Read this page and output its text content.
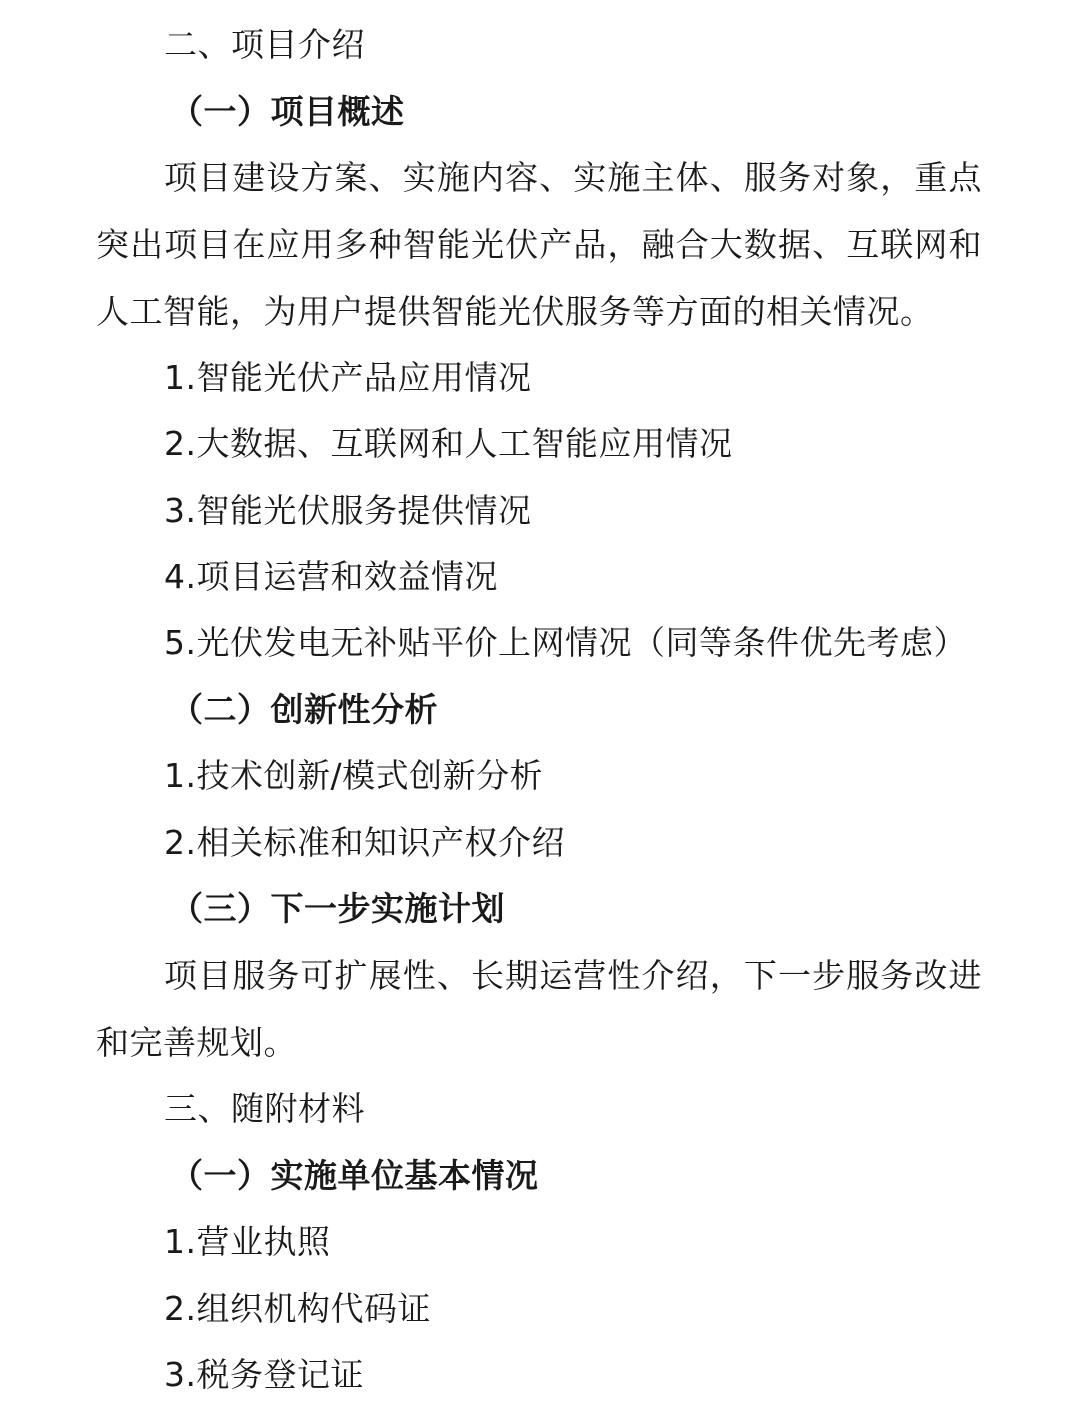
二、项目介绍
（一）项目概述
项目建设方案、实施内容、实施主体、服务对象，重点
突出项目在应用多种智能光伏产品，融合大数据、互联网和
人工智能，为用户提供智能光伏服务等方面的相关情况。
1.智能光伏产品应用情况
2.大数据、互联网和人工智能应用情况
3.智能光伏服务提供情况
4.项目运营和效益情况
5.光伏发电无补贴平价上网情况（同等条件优先考虑）
（二）创新性分析
1.技术创新/模式创新分析
2.相关标准和知识产权介绍
（三）下一步实施计划
项目服务可扩展性、长期运营性介绍，下一步服务改进
和完善规划。
三、随附材料
（一）实施单位基本情况
1.营业执照
2.组织机构代码证
3.税务登记证
